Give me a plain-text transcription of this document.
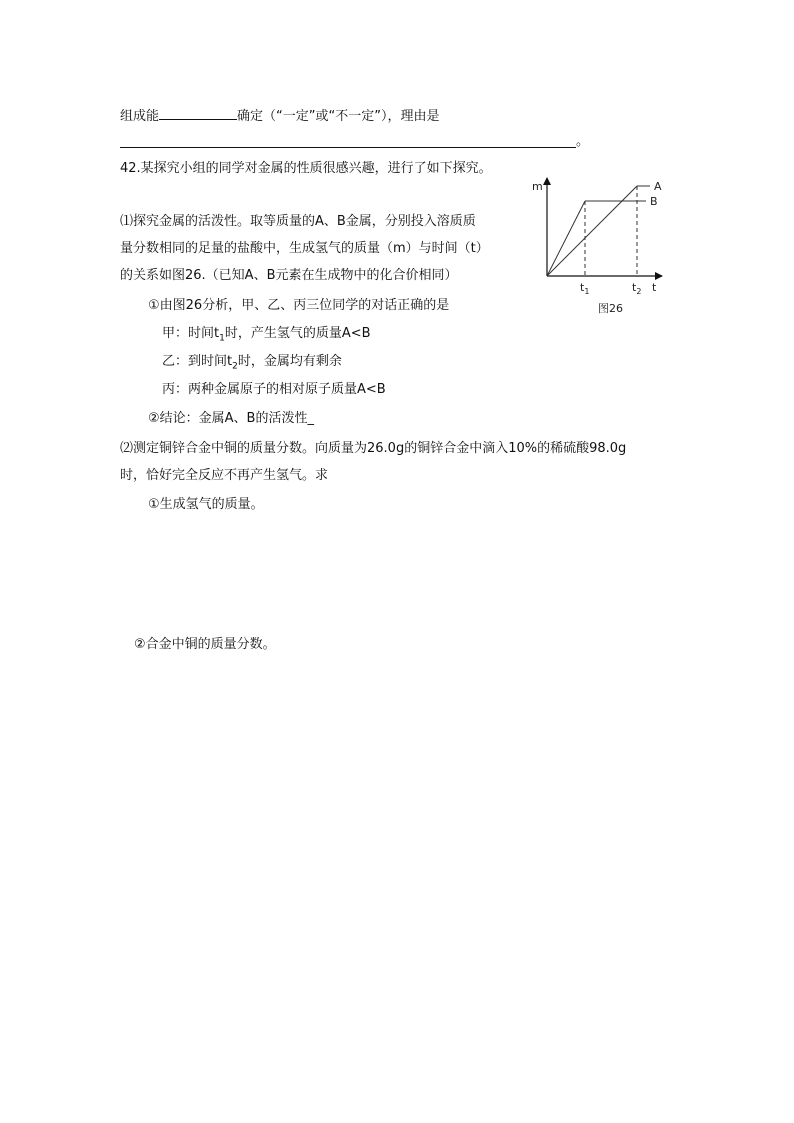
组成能	确定（“一定”或“不一定”），理由是
。
42.某探究小组的同学对金属的性质很感兴趣，进行了如下探究。
⑴探究金属的活泼性。取等质量的A、B金属，分别投入溶质质
量分数相同的足量的盐酸中，生成氢气的质量（m）与时间（t）
的关系如图26.（已知A、B元素在生成物中的化合价相同）
①由图26分析，甲、乙、丙三位同学的对话正确的是
甲：时间$t_1$时，产生氢气的质量A<B
乙：到时间$t_2$时，金属均有剩余
丙：两种金属原子的相对原子质量A<B
②结论：金属A、B的活泼性_
⑵测定铜锌合金中铜的质量分数。向质量为26.0g的铜锌合金中滴入10%的稀硫酸98.0g
时，恰好完全反应不再产生氢气。求
①生成氢气的质量。
②合金中铜的质量分数。
m	A
B
$t_1$	$t_2$ t
图26
